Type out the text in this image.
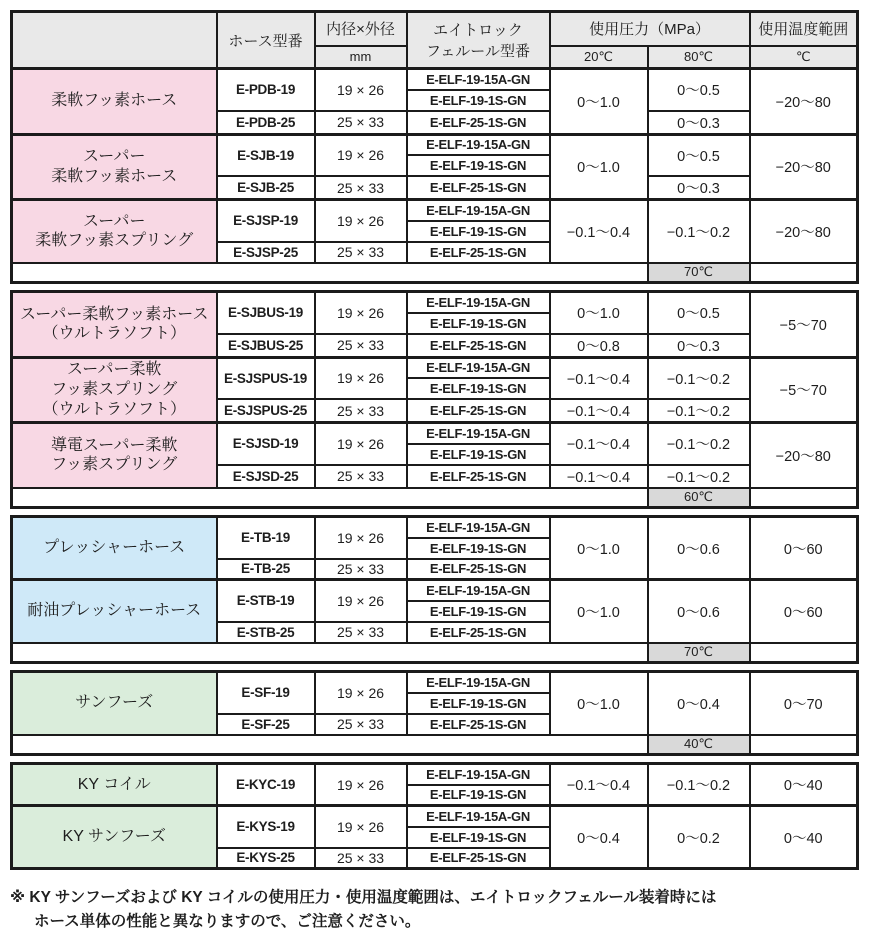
	ホース型番	内径×外径	エイトロック
フェルール型番	使用圧力（MPa）		使用温度範囲
		mm		20℃	80℃	℃

柔軟フッ素ホース	E-PDB-19	19 × 26	E-ELF-19-15A-GN	0～1.0	0～0.5	−20～80
			E-ELF-19-1S-GN			
	E-PDB-25	25 × 33	E-ELF-25-1S-GN		0～0.3	

スーパー
柔軟フッ素ホース	E-SJB-19	19 × 26	E-ELF-19-15A-GN	0～1.0	0～0.5	−20～80
			E-ELF-19-1S-GN			
	E-SJB-25	25 × 33	E-ELF-25-1S-GN		0～0.3	

スーパー
柔軟フッ素スプリング	E-SJSP-19	19 × 26	E-ELF-19-15A-GN	−0.1～0.4	−0.1～0.2	−20～80
			E-ELF-19-1S-GN			
	E-SJSP-25	25 × 33	E-ELF-25-1S-GN			
					70℃	
スーパー柔軟フッ素ホース
（ウルトラソフト）	E-SJBUS-19	19 × 26	E-ELF-19-15A-GN	0～1.0	0～0.5	−5～70
			E-ELF-19-1S-GN			
	E-SJBUS-25	25 × 33	E-ELF-25-1S-GN	0～0.8	0～0.3	

スーパー柔軟
フッ素スプリング
（ウルトラソフト）	E-SJSPUS-19	19 × 26	E-ELF-19-15A-GN	−0.1～0.4	−0.1～0.2	−5～70
			E-ELF-19-1S-GN			
	E-SJSPUS-25	25 × 33	E-ELF-25-1S-GN	−0.1～0.4	−0.1～0.2	

導電スーパー柔軟
フッ素スプリング	E-SJSD-19	19 × 26	E-ELF-19-15A-GN	−0.1～0.4	−0.1～0.2	−20～80
			E-ELF-19-1S-GN			
	E-SJSD-25	25 × 33	E-ELF-25-1S-GN	−0.1～0.4	−0.1～0.2	
					60℃	
プレッシャーホース	E-TB-19	19 × 26	E-ELF-19-15A-GN	0～1.0	0～0.6	0～60
			E-ELF-19-1S-GN			
	E-TB-25	25 × 33	E-ELF-25-1S-GN			

耐油プレッシャーホース	E-STB-19	19 × 26	E-ELF-19-15A-GN	0～1.0	0～0.6	0～60
			E-ELF-19-1S-GN			
	E-STB-25	25 × 33	E-ELF-25-1S-GN			
					70℃	
サンフーズ	E-SF-19	19 × 26	E-ELF-19-15A-GN	0～1.0	0～0.4	0～70
			E-ELF-19-1S-GN			
	E-SF-25	25 × 33	E-ELF-25-1S-GN			
					40℃	
KY コイル	E-KYC-19	19 × 26	E-ELF-19-15A-GN	−0.1～0.4	−0.1～0.2	0～40
			E-ELF-19-1S-GN			

KY サンフーズ	E-KYS-19	19 × 26	E-ELF-19-15A-GN	0～0.4	0～0.2	0～40
			E-ELF-19-1S-GN			
	E-KYS-25	25 × 33	E-ELF-25-1S-GN			
※ KY サンフーズおよび KY コイルの使用圧力・使用温度範囲は、エイトロックフェルール装着時には
ホース単体の性能と異なりますので、ご注意ください。
